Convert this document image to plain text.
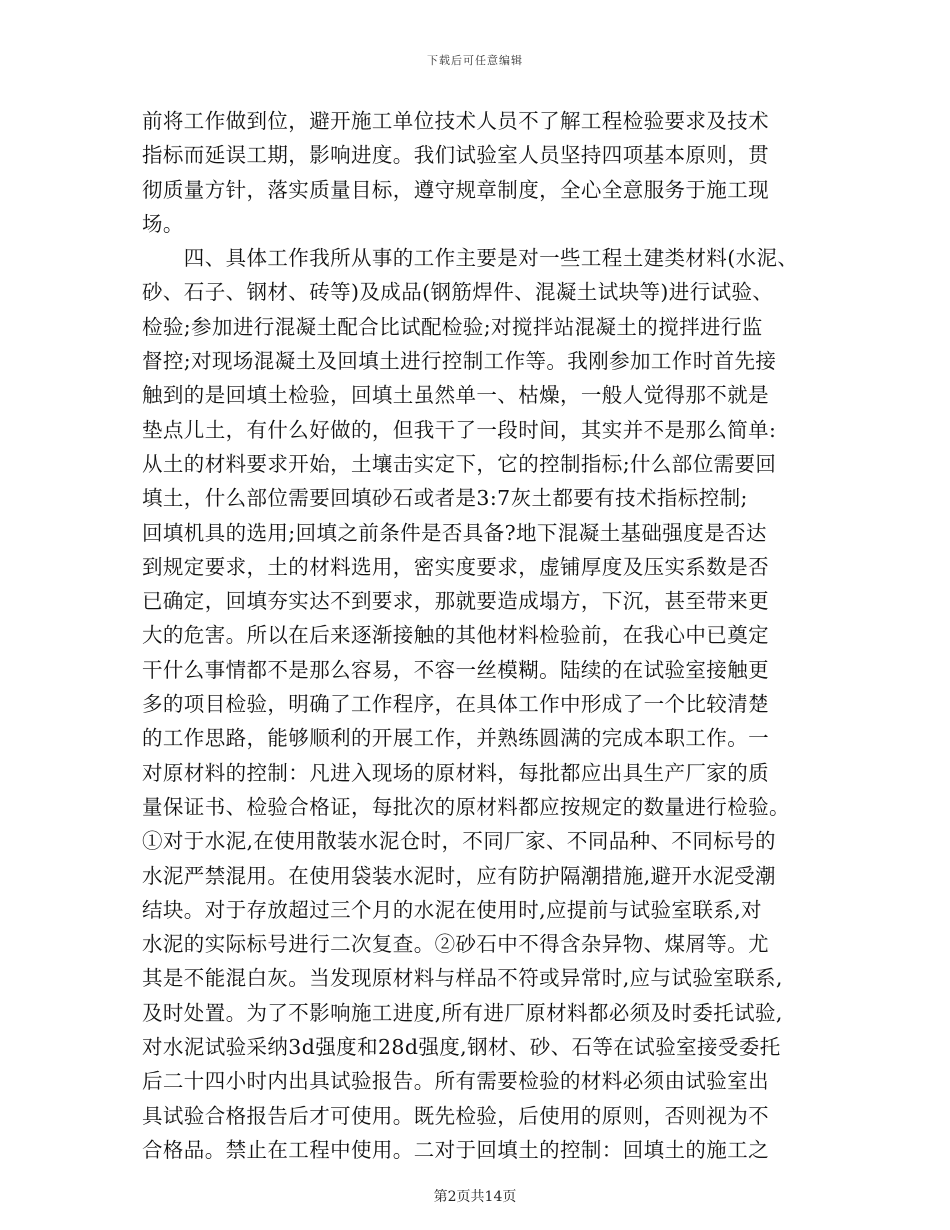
下载后可任意编辑
前将工作做到位，避开施工单位技术人员不了解工程检验要求及技术
指标而延误工期，影响进度。我们试验室人员坚持四项基本原则，贯
彻质量方针，落实质量目标，遵守规章制度，全心全意服务于施工现
场。
　　四、具体工作我所从事的工作主要是对一些工程土建类材料(水泥、
砂、石子、钢材、砖等)及成品(钢筋焊件、混凝土试块等)进行试验、
检验;参加进行混凝土配合比试配检验;对搅拌站混凝土的搅拌进行监
督控;对现场混凝土及回填土进行控制工作等。我刚参加工作时首先接
触到的是回填土检验，回填土虽然单一、枯燥，一般人觉得那不就是
垫点儿土，有什么好做的，但我干了一段时间，其实并不是那么简单:
从土的材料要求开始，土壤击实定下，它的控制指标;什么部位需要回
填土，什么部位需要回填砂石或者是3:7灰土都要有技术指标控制;
回填机具的选用;回填之前条件是否具备?地下混凝土基础强度是否达
到规定要求，土的材料选用，密实度要求，虚铺厚度及压实系数是否
已确定，回填夯实达不到要求，那就要造成塌方，下沉，甚至带来更
大的危害。所以在后来逐渐接触的其他材料检验前，在我心中已奠定
干什么事情都不是那么容易，不容一丝模糊。陆续的在试验室接触更
多的项目检验，明确了工作程序，在具体工作中形成了一个比较清楚
的工作思路，能够顺利的开展工作，并熟练圆满的完成本职工作。一
对原材料的控制：凡进入现场的原材料，每批都应出具生产厂家的质
量保证书、检验合格证，每批次的原材料都应按规定的数量进行检验。
①对于水泥,在使用散装水泥仓时，不同厂家、不同品种、不同标号的
水泥严禁混用。在使用袋装水泥时，应有防护隔潮措施,避开水泥受潮
结块。对于存放超过三个月的水泥在使用时,应提前与试验室联系,对
水泥的实际标号进行二次复查。②砂石中不得含杂异物、煤屑等。尤
其是不能混白灰。当发现原材料与样品不符或异常时,应与试验室联系,
及时处置。为了不影响施工进度,所有进厂原材料都必须及时委托试验,
对水泥试验采纳3d强度和28d强度,钢材、砂、石等在试验室接受委托
后二十四小时内出具试验报告。所有需要检验的材料必须由试验室出
具试验合格报告后才可使用。既先检验，后使用的原则，否则视为不
合格品。禁止在工程中使用。二对于回填土的控制：回填土的施工之
第2页共14页
